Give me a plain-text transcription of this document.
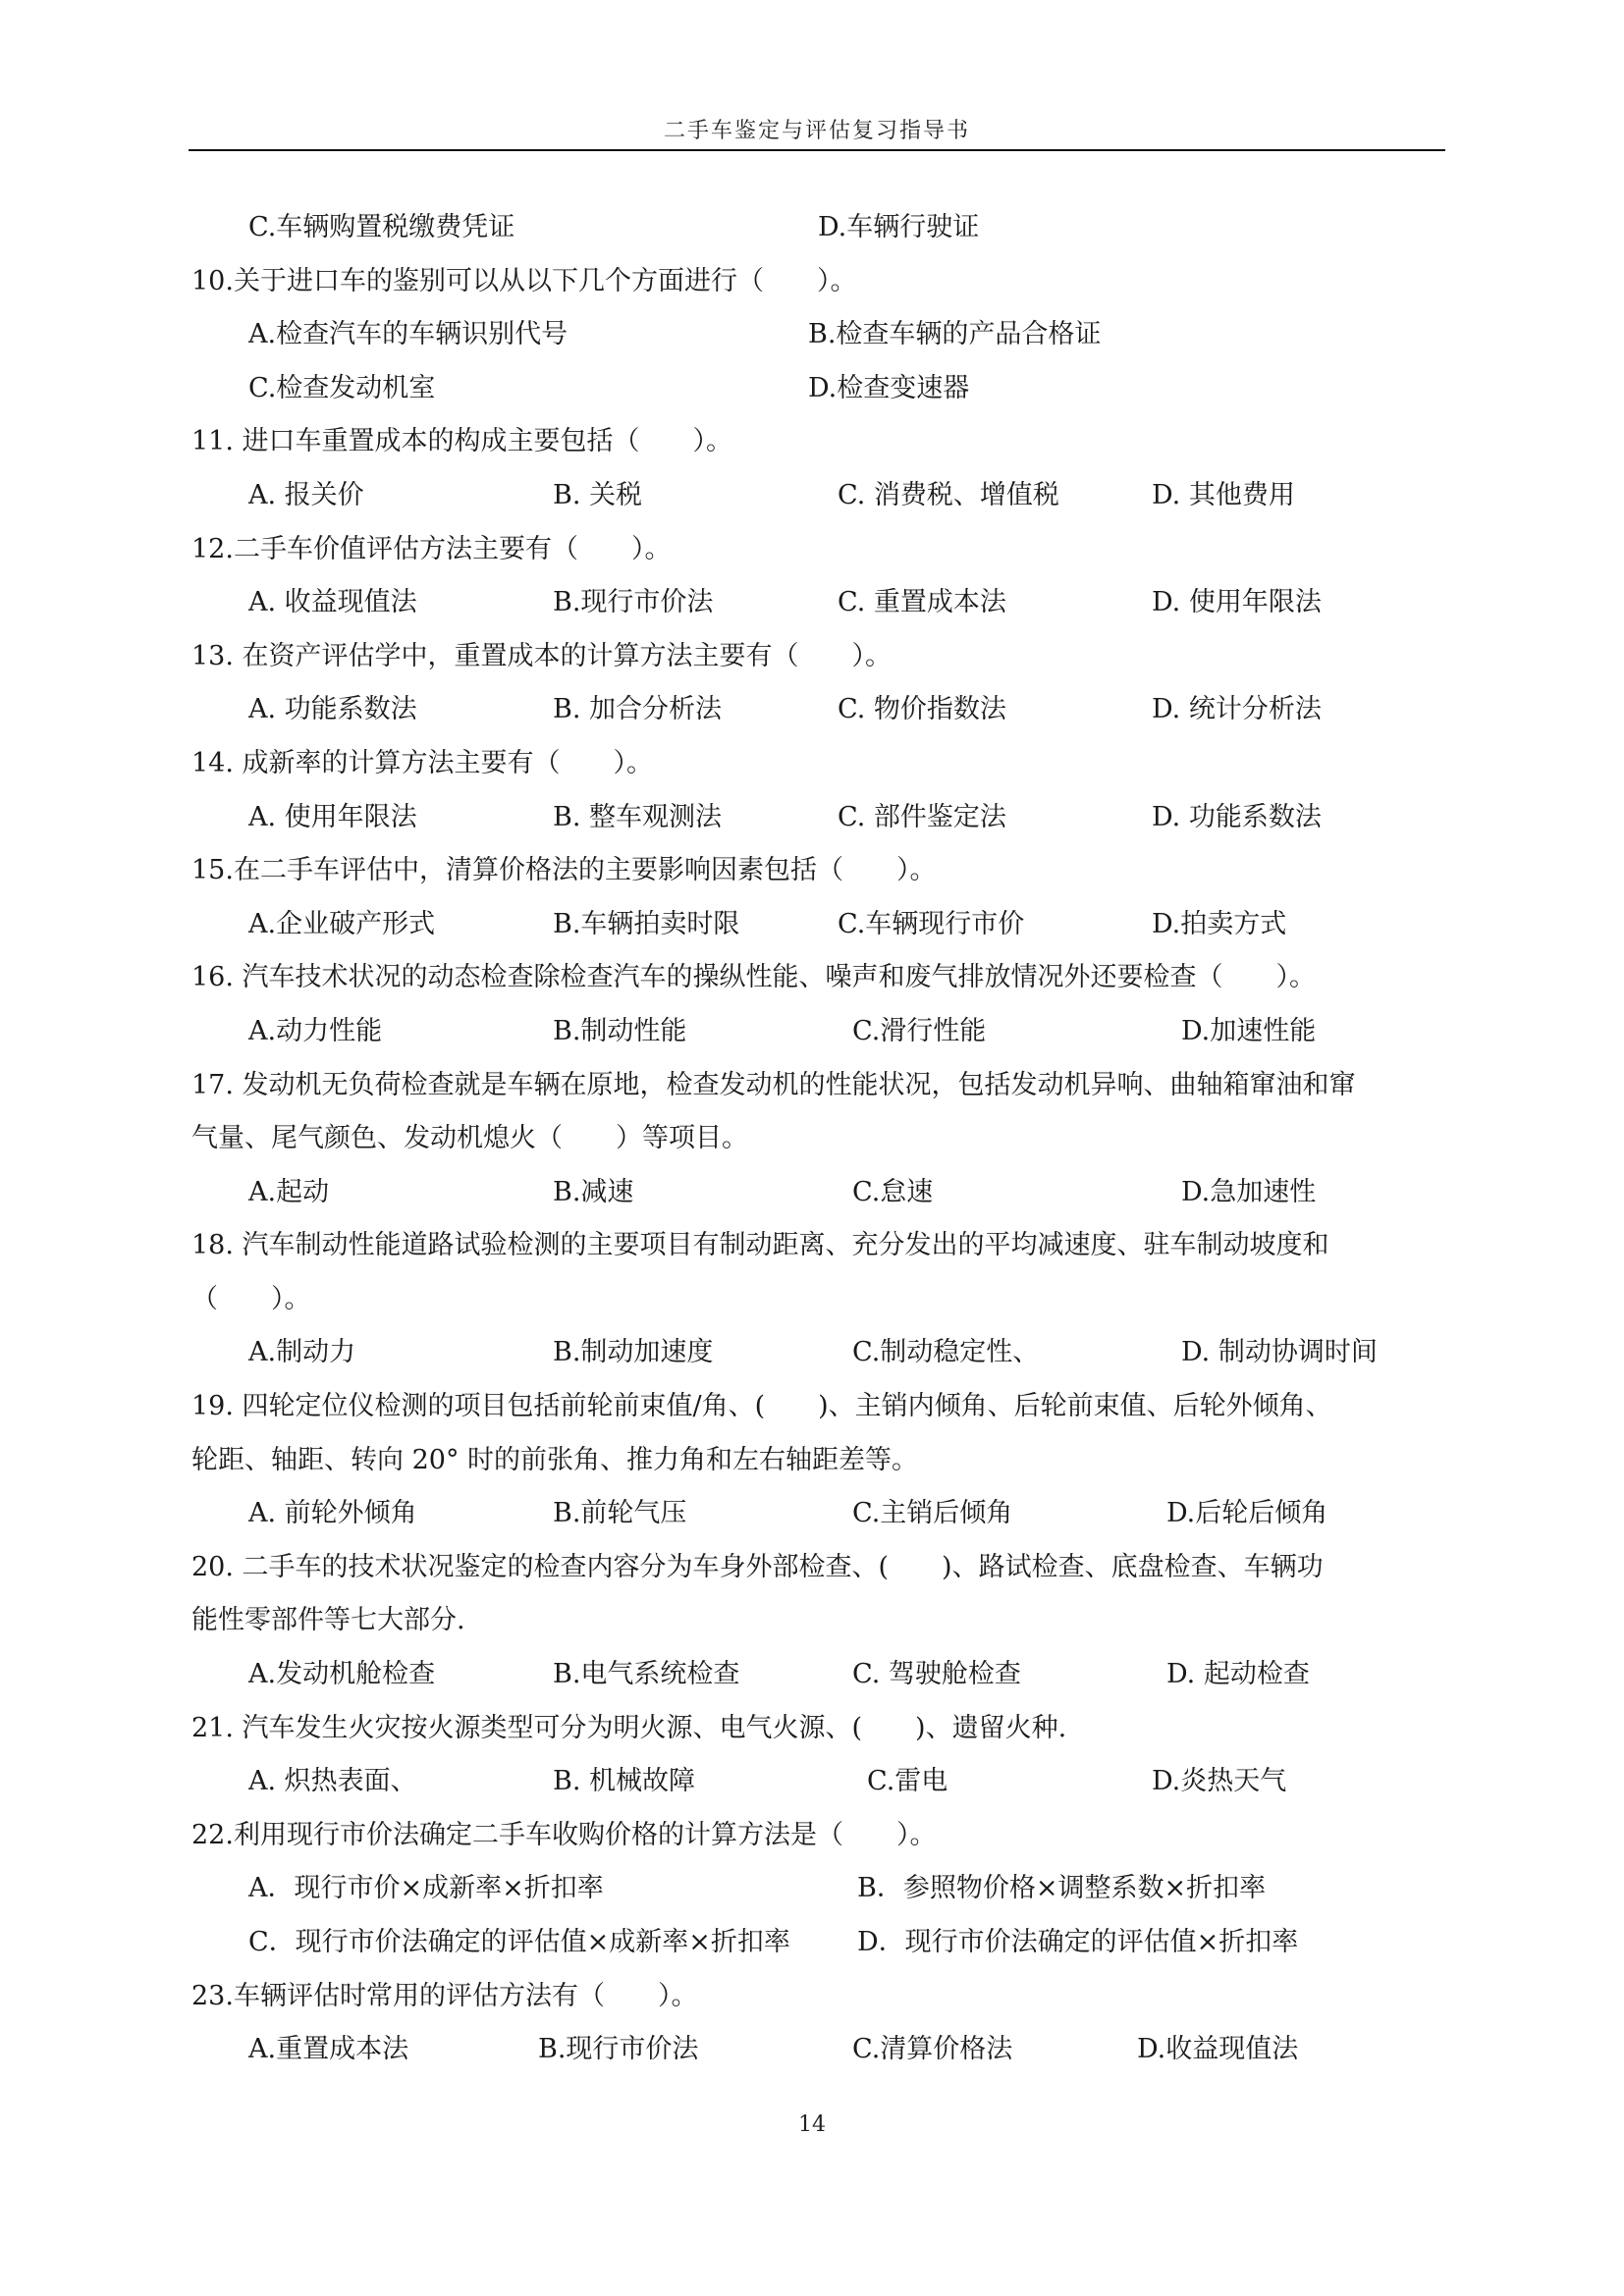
二手车鉴定与评估复习指导书
C.车辆购置税缴费凭证	D.车辆行驶证
10.关于进口车的鉴别可以从以下几个方面进行（　　）。
A.检查汽车的车辆识别代号	B.检查车辆的产品合格证
C.检查发动机室	D.检查变速器
11. 进口车重置成本的构成主要包括（　　）。
A. 报关价	B. 关税	C. 消费税、增值税	D. 其他费用
12.二手车价值评估方法主要有（　　）。
A. 收益现值法	B.现行市价法	C. 重置成本法	D. 使用年限法
13. 在资产评估学中，重置成本的计算方法主要有（　　）。
A. 功能系数法	B. 加合分析法	C. 物价指数法	D. 统计分析法
14. 成新率的计算方法主要有（　　）。
A. 使用年限法	B. 整车观测法	C. 部件鉴定法	D. 功能系数法
15.在二手车评估中，清算价格法的主要影响因素包括（　　）。
A.企业破产形式	B.车辆拍卖时限	C.车辆现行市价	D.拍卖方式
16. 汽车技术状况的动态检查除检查汽车的操纵性能、噪声和废气排放情况外还要检查（　　）。
A.动力性能	B.制动性能	C.滑行性能	D.加速性能
17. 发动机无负荷检查就是车辆在原地，检查发动机的性能状况，包括发动机异响、曲轴箱窜油和窜
气量、尾气颜色、发动机熄火（　　）等项目。
A.起动	B.减速	C.怠速	D.急加速性
18. 汽车制动性能道路试验检测的主要项目有制动距离、充分发出的平均减速度、驻车制动坡度和
（　　）。
A.制动力	B.制动加速度	C.制动稳定性、	D. 制动协调时间
19. 四轮定位仪检测的项目包括前轮前束值/角、(　　)、主销内倾角、后轮前束值、后轮外倾角、
轮距、轴距、转向 20° 时的前张角、推力角和左右轴距差等。
A. 前轮外倾角	B.前轮气压	C.主销后倾角	D.后轮后倾角
20. 二手车的技术状况鉴定的检查内容分为车身外部检查、(　　)、路试检查、底盘检查、车辆功
能性零部件等七大部分.
A.发动机舱检查	B.电气系统检查	C. 驾驶舱检查	D. 起动检查
21. 汽车发生火灾按火源类型可分为明火源、电气火源、(　　)、遗留火种.
A. 炽热表面、	B. 机械故障	C.雷电	D.炎热天气
22.利用现行市价法确定二手车收购价格的计算方法是（　　）。
A．现行市价×成新率×折扣率	B．参照物价格×调整系数×折扣率
C．现行市价法确定的评估值×成新率×折扣率	D．现行市价法确定的评估值×折扣率
23.车辆评估时常用的评估方法有（　　）。
A.重置成本法	B.现行市价法	C.清算价格法	D.收益现值法
14
